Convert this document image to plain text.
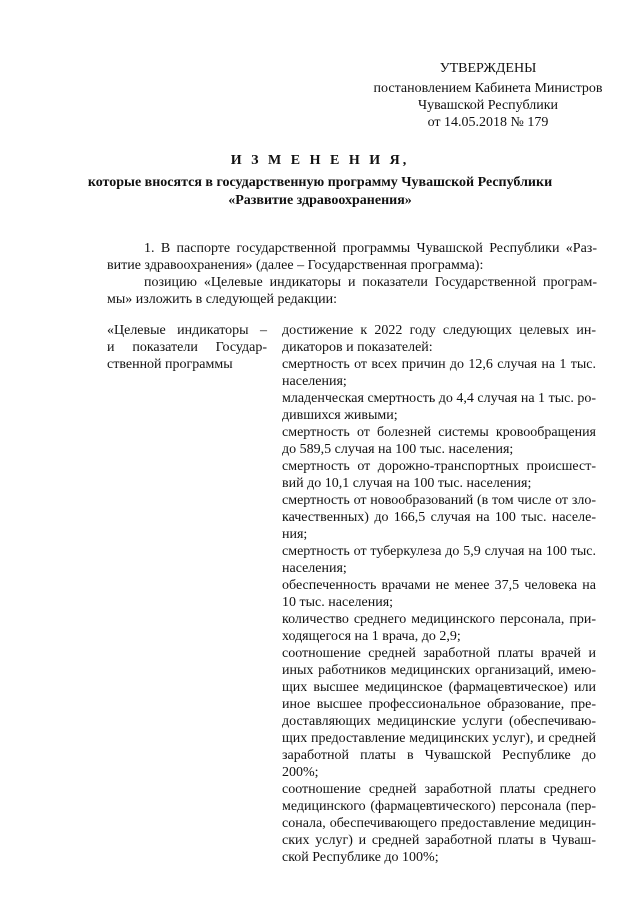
УТВЕРЖДЕНЫ
постановлением Кабинета Министров
Чувашской Республики
от 14.05.2018 № 179
И З М Е Н Е Н И Я,
которые вносятся в государственную программу Чувашской Республики
«Развитие здравоохранения»
1. В паспорте государственной программы Чувашской Республики «Раз-
витие здравоохранения» (далее – Государственная программа):
позицию «Целевые индикаторы и показатели Государственной програм-
мы» изложить в следующей редакции:
«Целевые индикаторы –
и показатели Государ-
ственной программы
достижение к 2022 году следующих целевых ин-
дикаторов и показателей:
смертность от всех причин до 12,6 случая на 1 тыс.
населения;
младенческая смертность до 4,4 случая на 1 тыс. ро-
дившихся живыми;
смертность от болезней системы кровообращения
до 589,5 случая на 100 тыс. населения;
смертность от дорожно-транспортных происшест-
вий до 10,1 случая на 100 тыс. населения;
смертность от новообразований (в том числе от зло-
качественных) до 166,5 случая на 100 тыс. населе-
ния;
смертность от туберкулеза до 5,9 случая на 100 тыс.
населения;
обеспеченность врачами не менее 37,5 человека на
10 тыс. населения;
количество среднего медицинского персонала, при-
ходящегося на 1 врача, до 2,9;
соотношение средней заработной платы врачей и
иных работников медицинских организаций, имею-
щих высшее медицинское (фармацевтическое) или
иное высшее профессиональное образование, пре-
доставляющих медицинские услуги (обеспечиваю-
щих предоставление медицинских услуг), и средней
заработной платы в Чувашской Республике до
200%;
соотношение средней заработной платы среднего
медицинского (фармацевтического) персонала (пер-
сонала, обеспечивающего предоставление медицин-
ских услуг) и средней заработной платы в Чуваш-
ской Республике до 100%;
